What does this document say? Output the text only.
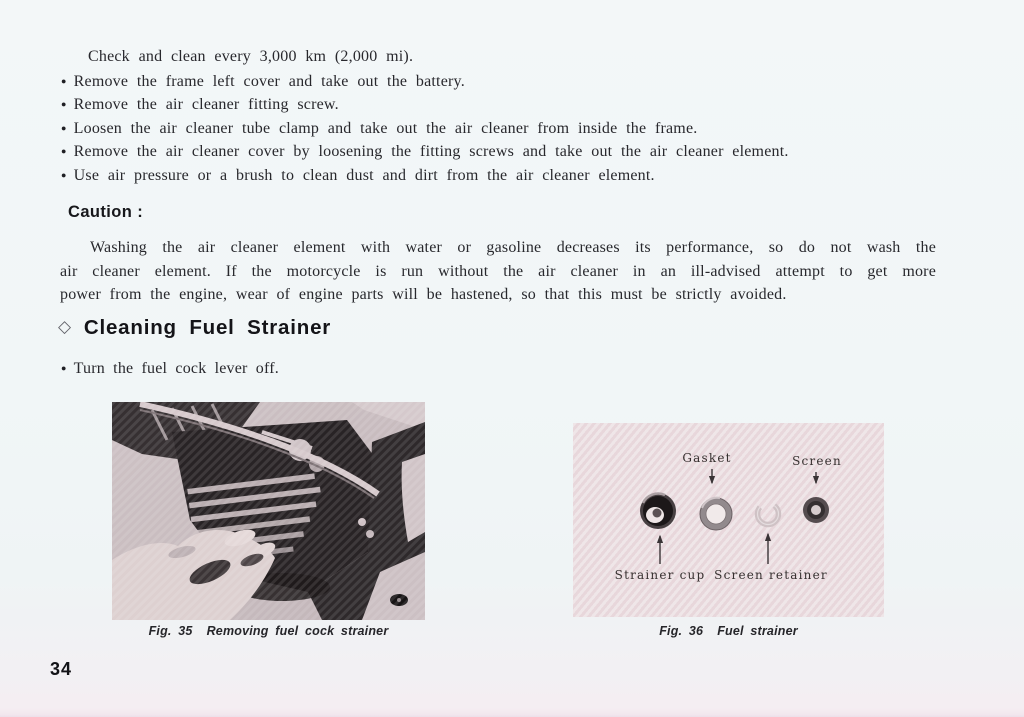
Check and clean every 3,000 km (2,000 mi).

● Remove the frame left cover and take out the battery.
● Remove the air cleaner fitting screw.
● Loosen the air cleaner tube clamp and take out the air cleaner from inside the frame.
● Remove the air cleaner cover by loosening the fitting screws and take out the air cleaner element.
● Use air pressure or a brush to clean dust and dirt from the air cleaner element.
Caution :
Washing the air cleaner element with water or gasoline decreases its performance, so do not wash the
air cleaner element. If the motorcycle is run without the air cleaner in an ill-advised attempt to get more
power from the engine, wear of engine parts will be hastened, so that this must be strictly avoided.
◇ Cleaning Fuel Strainer
● Turn the fuel cock lever off.
Fig. 35 Removing fuel cock strainer
Gasket	Screen
Strainer cup Screen retainer
Fig. 36 Fuel strainer
34
